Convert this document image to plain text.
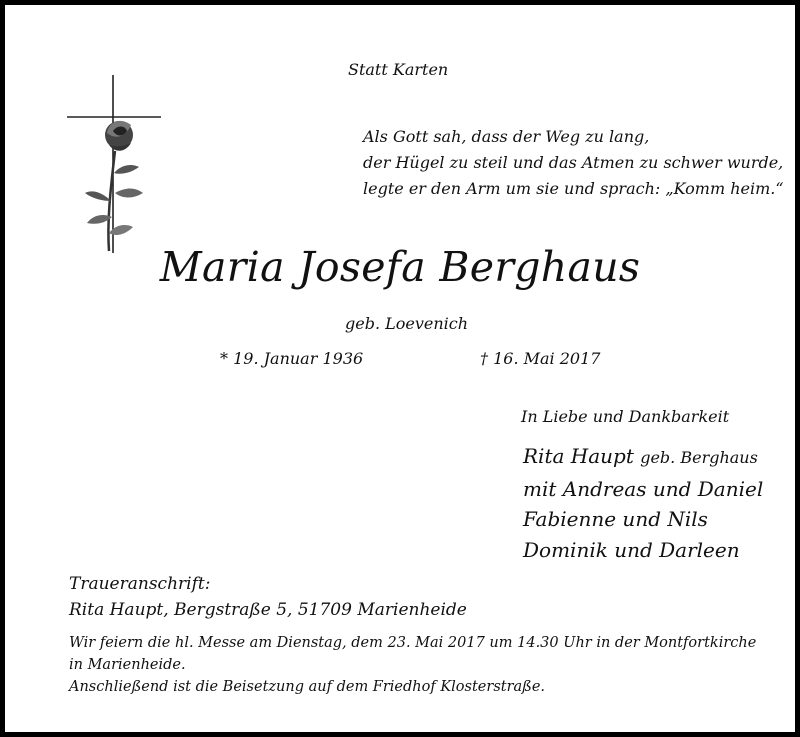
Statt Karten
Als Gott sah, dass der Weg zu lang,
der Hügel zu steil und das Atmen zu schwer wurde,
legte er den Arm um sie und sprach: „Komm heim.“
Maria Josefa Berghaus
geb. Loevenich
* 19. Januar 1936	† 16. Mai 2017
In Liebe und Dankbarkeit
Rita Haupt geb. Berghaus
mit Andreas und Daniel
Fabienne und Nils
Dominik und Darleen
Traueranschrift:
Rita Haupt, Bergstraße 5, 51709 Marienheide
Wir feiern die hl. Messe am Dienstag, dem 23. Mai 2017 um 14.30 Uhr in der Montfortkirche
in Marienheide.
Anschließend ist die Beisetzung auf dem Friedhof Klosterstraße.
